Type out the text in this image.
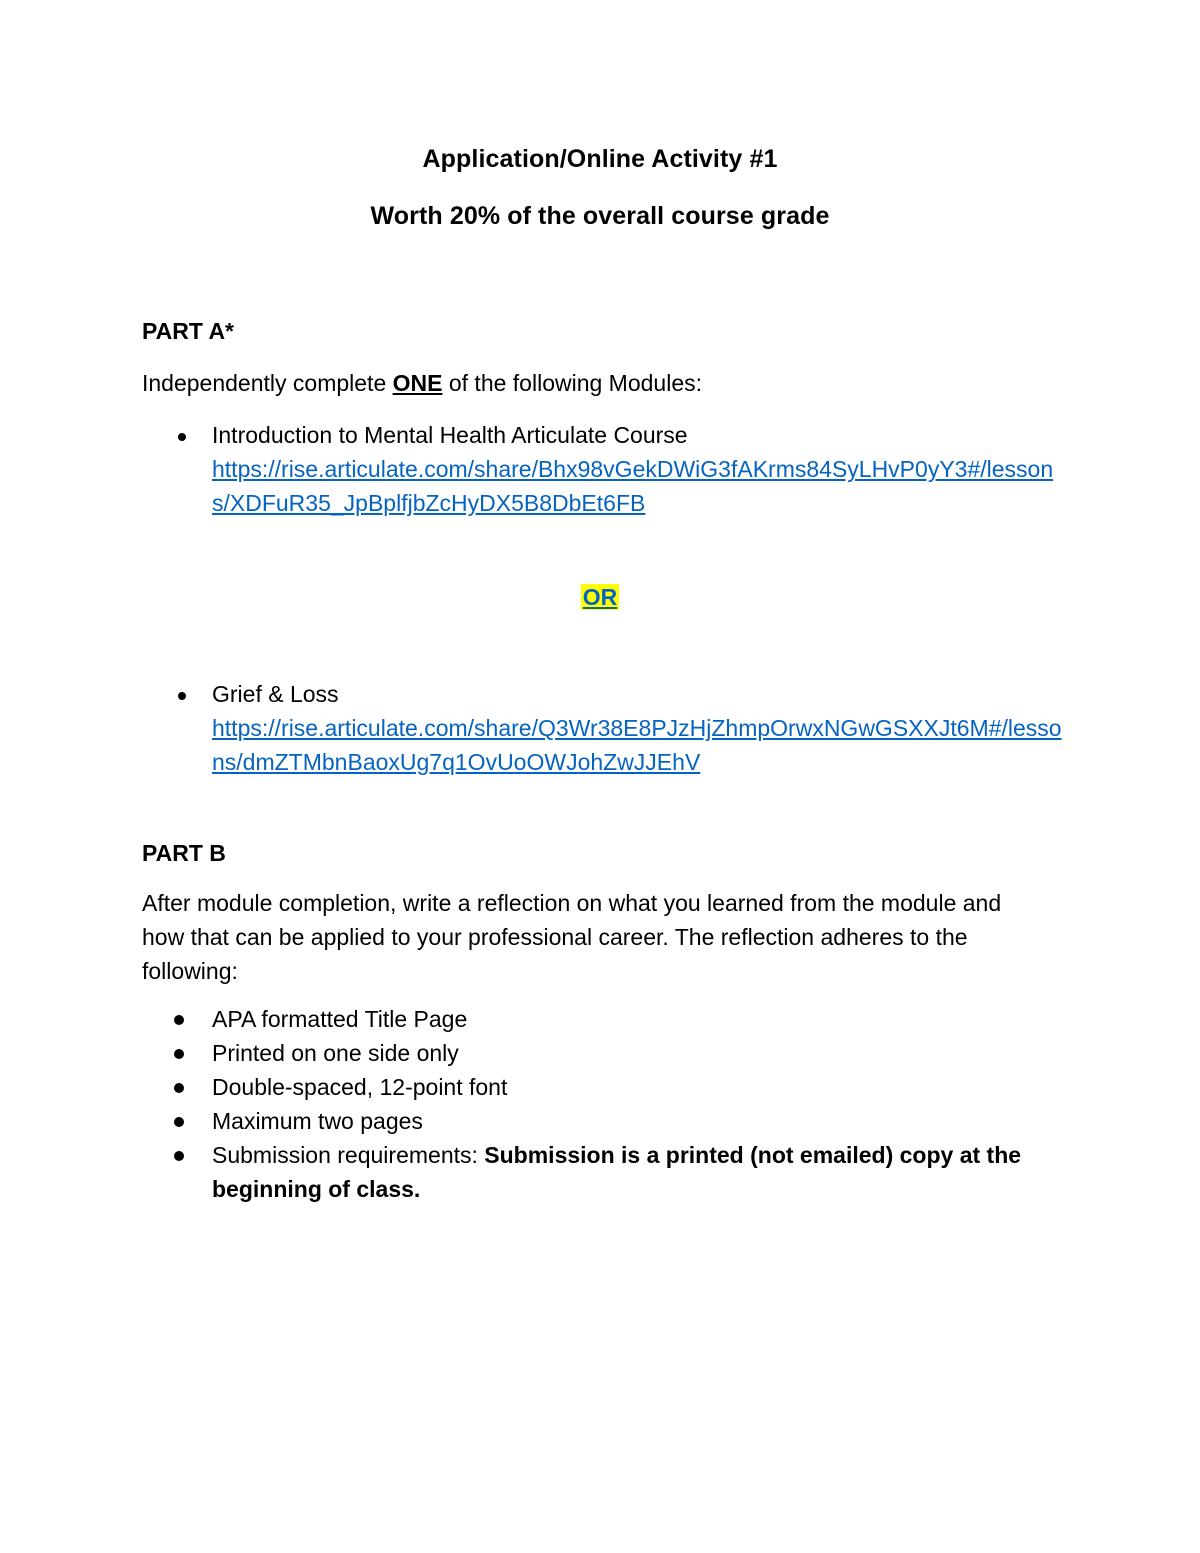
Application/Online Activity #1
Worth 20% of the overall course grade
PART A*
Independently complete ONE of the following Modules:
Introduction to Mental Health Articulate Course
https://rise.articulate.com/share/Bhx98vGekDWiG3fAKrms84SyLHvP0yY3#/lessons/XDFuR35_JpBplfjbZcHyDX5B8DbEt6FB
OR
Grief & Loss
https://rise.articulate.com/share/Q3Wr38E8PJzHjZhmpOrwxNGwGSXXJt6M#/lessons/dmZTMbnBaoxUg7q1OvUoOWJohZwJJEhV
PART B
After module completion, write a reflection on what you learned from the module and how that can be applied to your professional career. The reflection adheres to the following:
APA formatted Title Page
Printed on one side only
Double-spaced, 12-point font
Maximum two pages
Submission requirements: Submission is a printed (not emailed) copy at the beginning of class.
